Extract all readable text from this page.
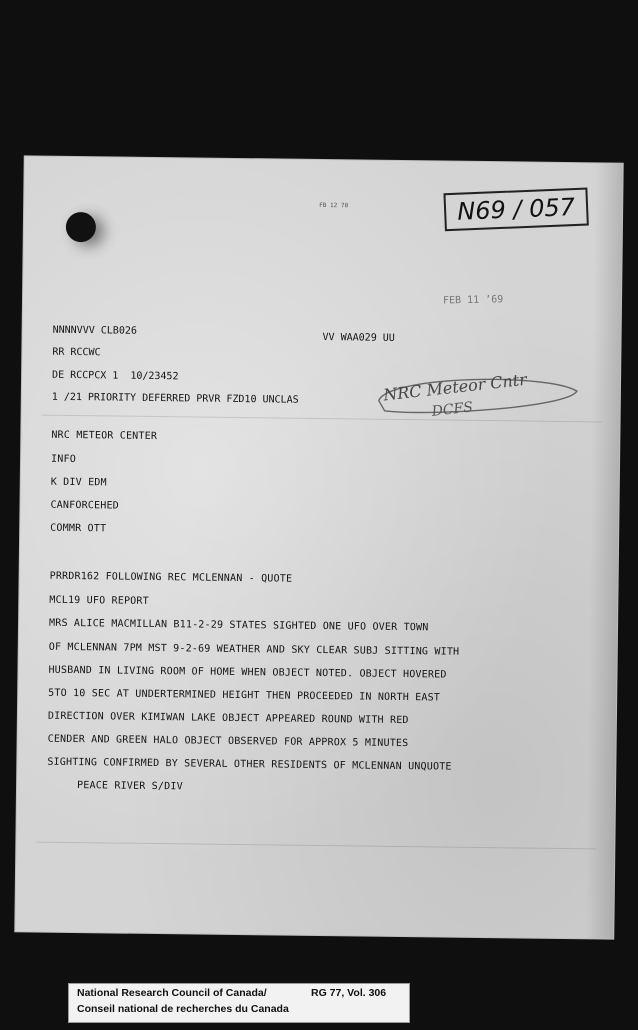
FB 12 70	N69 / 057
FEB 11 ’69
NNNNVVV CLB026
VV WAA029 UU
RR RCCWC
DE RCCPCX 1  10/23452
1 /21 PRIORITY DEFERRED PRVR FZD10 UNCLAS	NRC Meteor Cntr
DCFS
NRC METEOR CENTER
INFO
K DIV EDM
CANFORCEHED
COMMR OTT
PRRDR162 FOLLOWING REC MCLENNAN - QUOTE
MCL19 UFO REPORT
MRS ALICE MACMILLAN B11-2-29 STATES SIGHTED ONE UFO OVER TOWN
OF MCLENNAN 7PM MST 9-2-69 WEATHER AND SKY CLEAR SUBJ SITTING WITH
HUSBAND IN LIVING ROOM OF HOME WHEN OBJECT NOTED. OBJECT HOVERED
5TO 10 SEC AT UNDERTERMINED HEIGHT THEN PROCEEDED IN NORTH EAST
DIRECTION OVER KIMIWAN LAKE OBJECT APPEARED ROUND WITH RED
CENDER AND GREEN HALO OBJECT OBSERVED FOR APPROX 5 MINUTES
SIGHTING CONFIRMED BY SEVERAL OTHER RESIDENTS OF MCLENNAN UNQUOTE
PEACE RIVER S/DIV
National Research Council of Canada/
Conseil national de recherches du Canada
RG 77, Vol. 306
